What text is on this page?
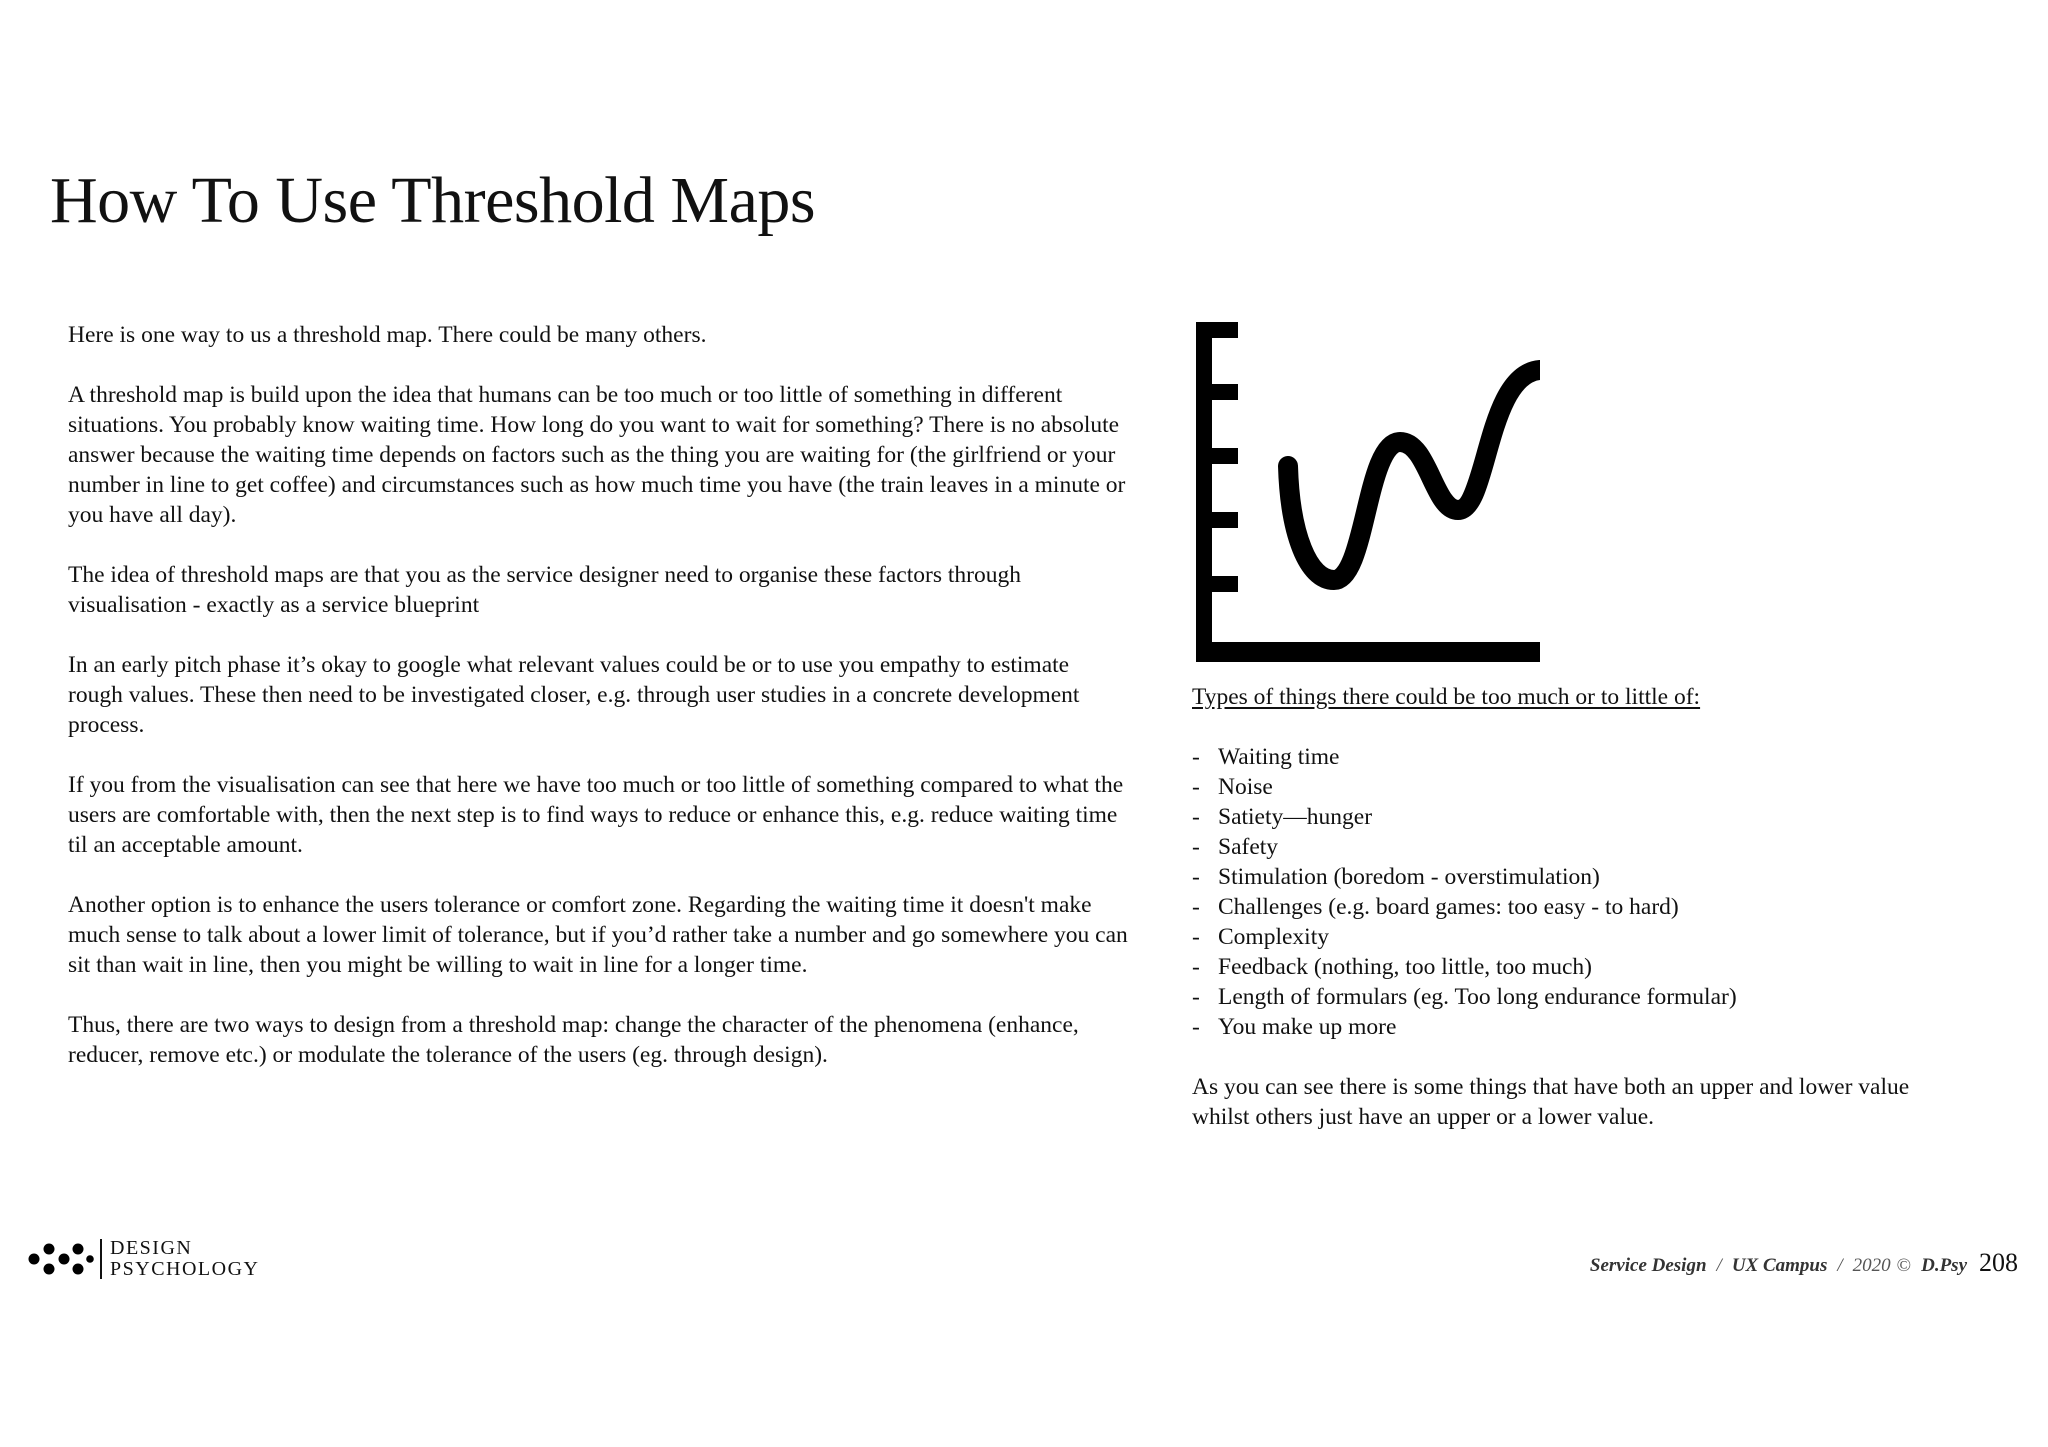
How To Use Threshold Maps

Here is one way to us a threshold map. There could be many others.

A threshold map is build upon the idea that humans can be too much or too little of something in different situations. You probably know waiting time. How long do you want to wait for something? There is no absolute answer because the waiting time depends on factors such as the thing you are waiting for (the girlfriend or your number in line to get coffee) and circumstances such as how much time you have (the train leaves in a minute or you have all day).

The idea of threshold maps are that you as the service designer need to organise these factors through visualisation - exactly as a service blueprint

In an early pitch phase it’s okay to google what relevant values could be or to use you empathy to estimate rough values. These then need to be investigated closer, e.g. through user studies in a concrete development process.

If you from the visualisation can see that here we have too much or too little of something compared to what the users are comfortable with, then the next step is to find ways to reduce or enhance this, e.g. reduce waiting time til an acceptable amount.

Another option is to enhance the users tolerance or comfort zone. Regarding the waiting time it doesn't make much sense to talk about a lower limit of tolerance, but if you’d rather take a number and go somewhere you can sit than wait in line, then you might be willing to wait in line for a longer time.

Thus, there are two ways to design from a threshold map: change the character of the phenomena (enhance, reducer, remove etc.) or modulate the tolerance of the users (eg. through design).

Types of things there could be too much or to little of:

- Waiting time
- Noise
- Satiety—hunger
- Safety
- Stimulation (boredom - overstimulation)
- Challenges (e.g. board games: too easy - to hard)
- Complexity
- Feedback (nothing, too little, too much)
- Length of formulars (eg. Too long endurance formular)
- You make up more

As you can see there is some things that have both an upper and lower value whilst others just have an upper or a lower value.

DESIGN
PSYCHOLOGY	Service Design / UX Campus / 2020 © D.Psy 208
